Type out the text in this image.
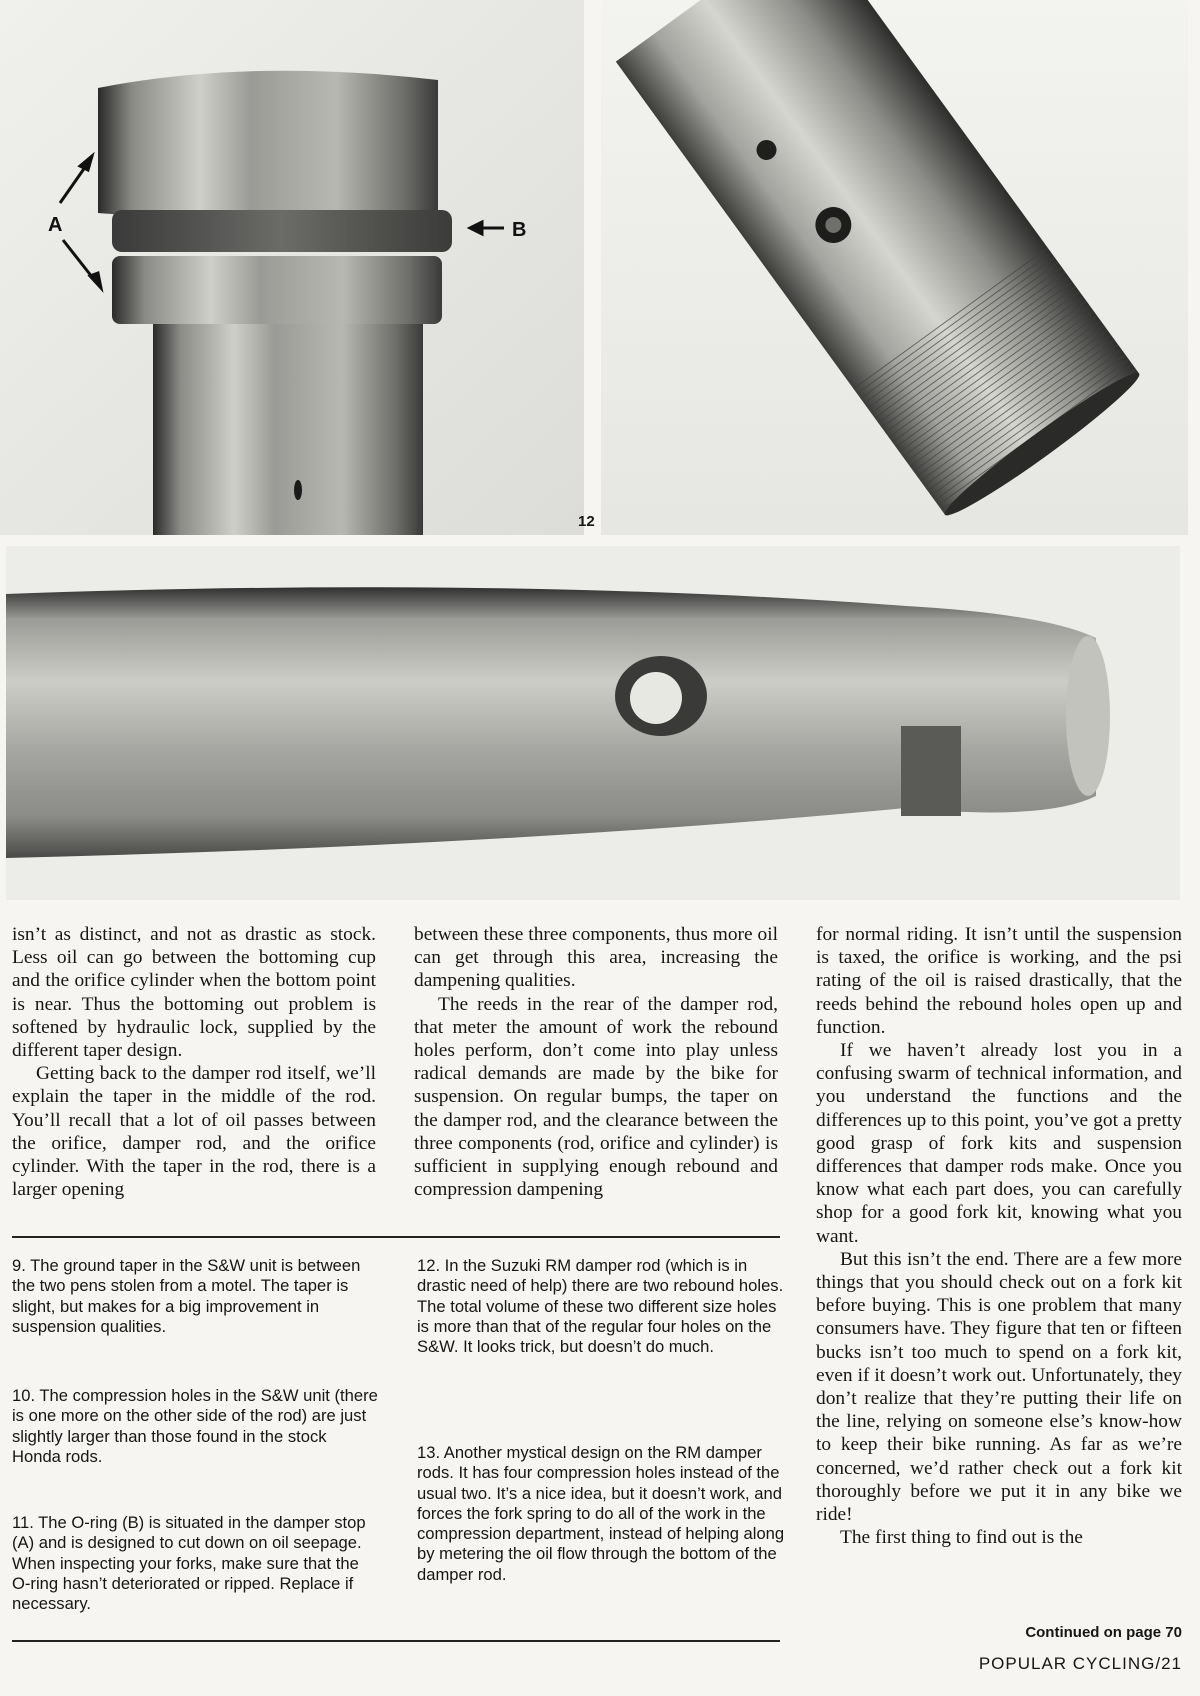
A	B
12

isn’t as distinct, and not as drastic as stock. Less oil can go between the bottoming cup and the orifice cylinder when the bottom point is near. Thus the bottoming out problem is softened by hydraulic lock, supplied by the different taper design.

Getting back to the damper rod itself, we’ll explain the taper in the middle of the rod. You’ll recall that a lot of oil passes between the orifice, damper rod, and the orifice cylinder. With the taper in the rod, there is a larger opening

between these three components, thus more oil can get through this area, increasing the dampening qualities.

The reeds in the rear of the damper rod, that meter the amount of work the rebound holes perform, don’t come into play unless radical demands are made by the bike for suspension. On regular bumps, the taper on the damper rod, and the clearance between the three components (rod, orifice and cylinder) is sufficient in supplying enough rebound and compression dampening

for normal riding. It isn’t until the suspension is taxed, the orifice is working, and the psi rating of the oil is raised drastically, that the reeds behind the rebound holes open up and function.

If we haven’t already lost you in a confusing swarm of technical information, and you understand the functions and the differences up to this point, you’ve got a pretty good grasp of fork kits and suspension differences that damper rods make. Once you know what each part does, you can carefully shop for a good fork kit, knowing what you want.

But this isn’t the end. There are a few more things that you should check out on a fork kit before buying. This is one problem that many consumers have. They figure that ten or fifteen bucks isn’t too much to spend on a fork kit, even if it doesn’t work out. Unfortunately, they don’t realize that they’re putting their life on the line, relying on someone else’s know-how to keep their bike running. As far as we’re concerned, we’d rather check out a fork kit thoroughly before we put it in any bike we ride!

The first thing to find out is the

9. The ground taper in the S&W unit is between the two pens stolen from a motel. The taper is slight, but makes for a big improvement in suspension qualities.

10. The compression holes in the S&W unit (there is one more on the other side of the rod) are just slightly larger than those found in the stock Honda rods.

11. The O-ring (B) is situated in the damper stop (A) and is designed to cut down on oil seepage. When inspecting your forks, make sure that the O-ring hasn’t deteriorated or ripped. Replace if necessary.

12. In the Suzuki RM damper rod (which is in drastic need of help) there are two rebound holes. The total volume of these two different size holes is more than that of the regular four holes on the S&W. It looks trick, but doesn’t do much.

13. Another mystical design on the RM damper rods. It has four compression holes instead of the usual two. It’s a nice idea, but it doesn’t work, and forces the fork spring to do all of the work in the compression department, instead of helping along by metering the oil flow through the bottom of the damper rod.

Continued on page 70
POPULAR CYCLING/21
